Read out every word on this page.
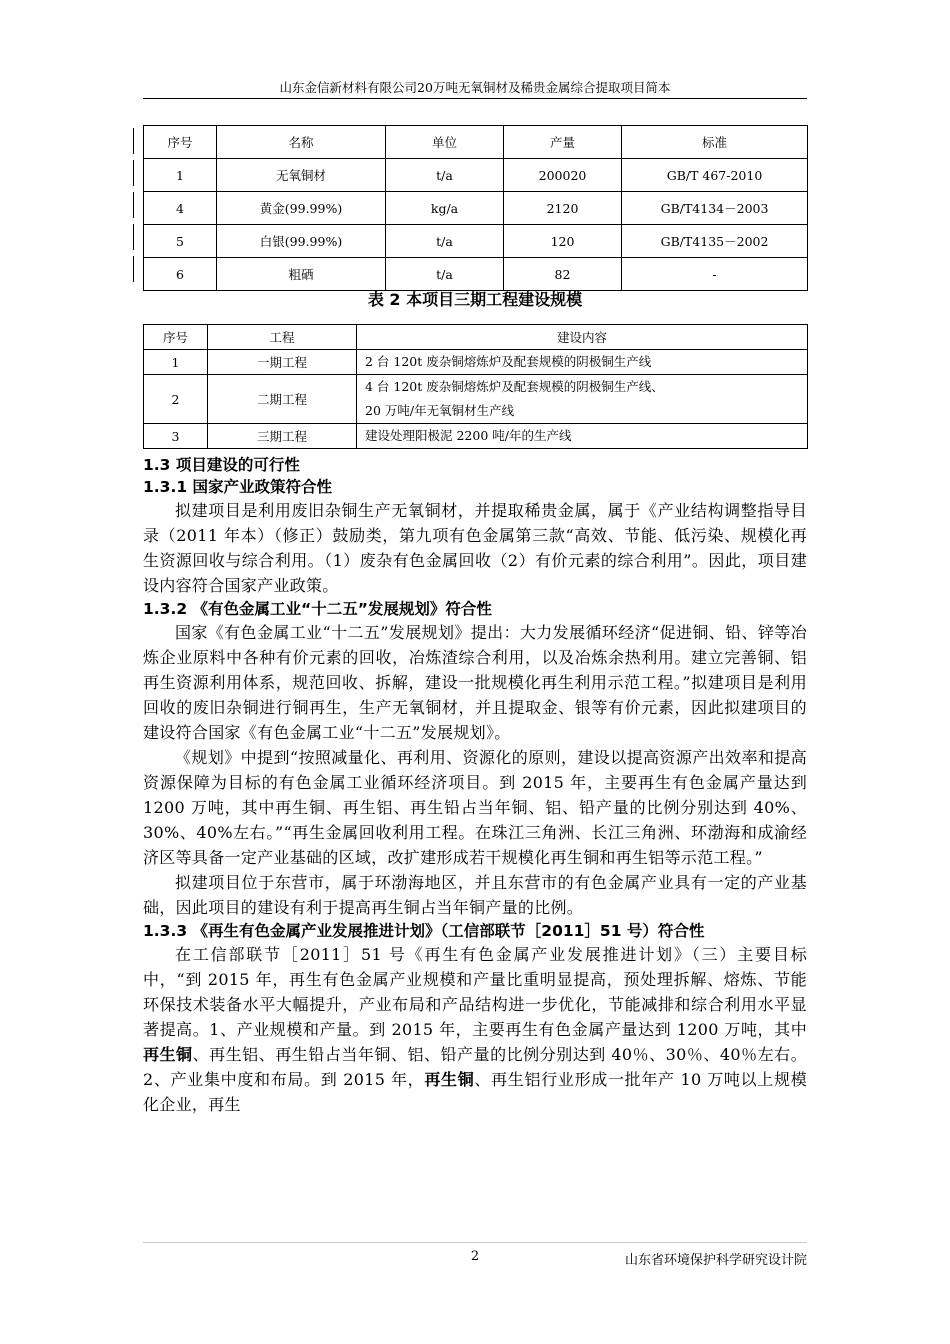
山东金信新材料有限公司20万吨无氧铜材及稀贵金属综合提取项目简本
序号	名称	单位	产量	标准
1	无氧铜材	t/a	200020	GB/T 467-2010
4	黄金(99.99%)	kg/a	2120	GB/T4134－2003
5	白银(99.99%)	t/a	120	GB/T4135－2002
6	粗硒	t/a	82	-
表 2 本项目三期工程建设规模
序号	工程	建设内容
1	一期工程	2 台 120t 废杂铜熔炼炉及配套规模的阴极铜生产线
2	二期工程	4 台 120t 废杂铜熔炼炉及配套规模的阴极铜生产线、
20 万吨/年无氧铜材生产线
3	三期工程	建设处理阳极泥 2200 吨/年的生产线

1.3 项目建设的可行性

1.3.1 国家产业政策符合性

拟建项目是利用废旧杂铜生产无氧铜材，并提取稀贵金属，属于《产业结构调整指导目录（2011 年本）（修正）鼓励类，第九项有色金属第三款“高效、节能、低污染、规模化再生资源回收与综合利用。（1）废杂有色金属回收（2）有价元素的综合利用”。因此，项目建设内容符合国家产业政策。

1.3.2 《有色金属工业“十二五”发展规划》符合性

国家《有色金属工业“十二五”发展规划》提出：大力发展循环经济“促进铜、铅、锌等冶炼企业原料中各种有价元素的回收，冶炼渣综合利用，以及冶炼余热利用。建立完善铜、铝再生资源利用体系，规范回收、拆解，建设一批规模化再生利用示范工程。”拟建项目是利用回收的废旧杂铜进行铜再生，生产无氧铜材，并且提取金、银等有价元素，因此拟建项目的建设符合国家《有色金属工业“十二五”发展规划》。

《规划》中提到“按照减量化、再利用、资源化的原则，建设以提高资源产出效率和提高资源保障为目标的有色金属工业循环经济项目。到 2015 年，主要再生有色金属产量达到 1200 万吨，其中再生铜、再生铝、再生铅占当年铜、铝、铅产量的比例分别达到 40%、30%、40%左右。”“再生金属回收利用工程。在珠江三角洲、长江三角洲、环渤海和成渝经济区等具备一定产业基础的区域，改扩建形成若干规模化再生铜和再生铝等示范工程。”

拟建项目位于东营市，属于环渤海地区，并且东营市的有色金属产业具有一定的产业基础，因此项目的建设有利于提高再生铜占当年铜产量的比例。

1.3.3 《再生有色金属产业发展推进计划》（工信部联节［2011］51 号）符合性

在工信部联节［2011］51 号《再生有色金属产业发展推进计划》（三）主要目标中，“到 2015 年，再生有色金属产业规模和产量比重明显提高，预处理拆解、熔炼、节能环保技术装备水平大幅提升，产业布局和产品结构进一步优化，节能减排和综合利用水平显著提高。1、产业规模和产量。到 2015 年，主要再生有色金属产量达到 1200 万吨，其中再生铜、再生铝、再生铅占当年铜、铝、铅产量的比例分别达到 40％、30％、40％左右。2、产业集中度和布局。到 2015 年，再生铜、再生铝行业形成一批年产 10 万吨以上规模化企业，再生

2	山东省环境保护科学研究设计院
